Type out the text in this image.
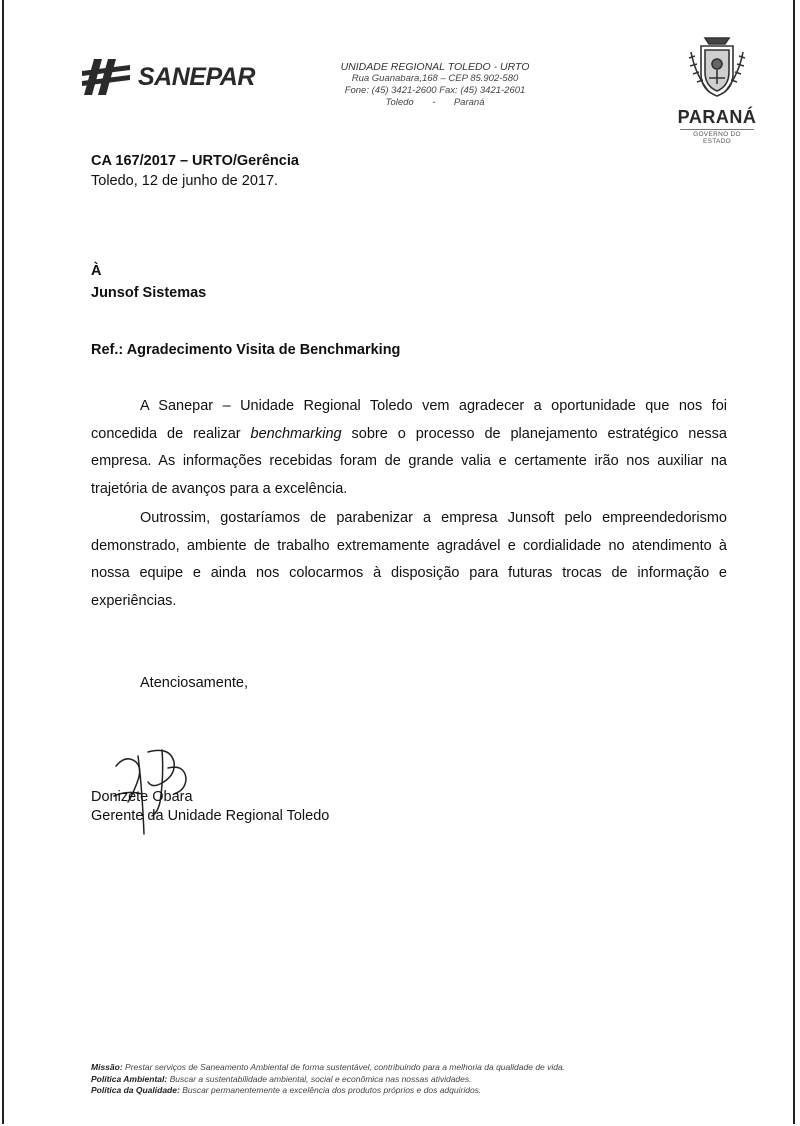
SANEPAR	UNIDADE REGIONAL TOLEDO - URTO
Rua Guanabara,168 – CEP 85.902-580
Fone: (45) 3421-2600 Fax: (45) 3421-2601
Toledo - Paraná
PARANÁ
GOVERNO DO ESTADO
CA 167/2017 – URTO/Gerência
Toledo, 12 de junho de 2017.
À
Junsof Sistemas
Ref.: Agradecimento Visita de Benchmarking
A Sanepar – Unidade Regional Toledo vem agradecer a oportunidade que nos foi concedida de realizar benchmarking sobre o processo de planejamento estratégico nessa empresa. As informações recebidas foram de grande valia e certamente irão nos auxiliar na trajetória de avanços para a excelência.
Outrossim, gostaríamos de parabenizar a empresa Junsoft pelo empreendedorismo demonstrado, ambiente de trabalho extremamente agradável e cordialidade no atendimento à nossa equipe e ainda nos colocarmos à disposição para futuras trocas de informação e experiências.
Atenciosamente,
Donizete Obara
Gerente da Unidade Regional Toledo
Missão: Prestar serviços de Saneamento Ambiental de forma sustentável, contribuindo para a melhoria da qualidade de vida.
Política Ambiental: Buscar a sustentabilidade ambiental, social e econômica nas nossas atividades.
Política da Qualidade: Buscar permanentemente a excelência dos produtos próprios e dos adquiridos.
